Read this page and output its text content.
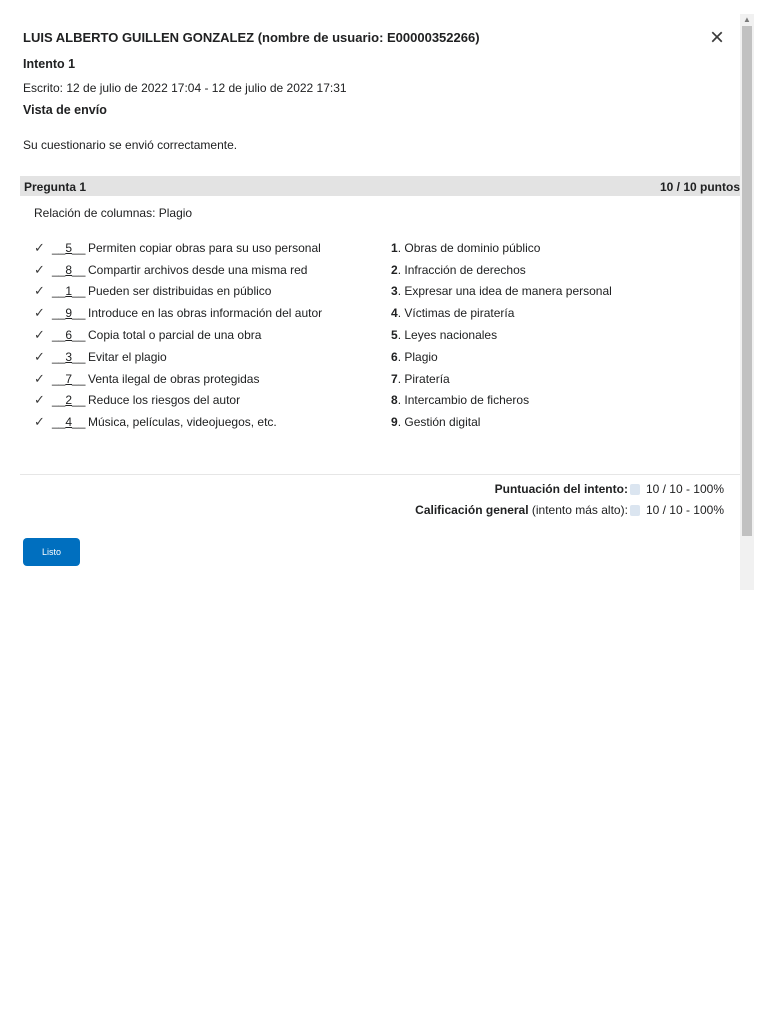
LUIS ALBERTO GUILLEN GONZALEZ (nombre de usuario: E00000352266)	×
Intento 1
Escrito: 12 de julio de 2022 17:04 - 12 de julio de 2022 17:31
Vista de envío
Su cuestionario se envió correctamente.
Pregunta 1	10 / 10 puntos
Relación de columnas: Plagio
✓ __5__ Permiten copiar obras para su uso personal
✓ __8__ Compartir archivos desde una misma red
✓ __1__ Pueden ser distribuidas en público
✓ __9__ Introduce en las obras información del autor
✓ __6__ Copia total o parcial de una obra
✓ __3__ Evitar el plagio
✓ __7__ Venta ilegal de obras protegidas
✓ __2__ Reduce los riesgos del autor
✓ __4__ Música, películas, videojuegos, etc.
1 . Obras de dominio público
2 . Infracción de derechos
3 . Expresar una idea de manera personal
4 . Víctimas de piratería
5 . Leyes nacionales
6 . Plagio
7 . Piratería
8 . Intercambio de ficheros
9 . Gestión digital
Puntuación del intento: 10 / 10 - 100%
Calificación general
(intento más alto): 10 / 10 - 100%
Listo
▲
